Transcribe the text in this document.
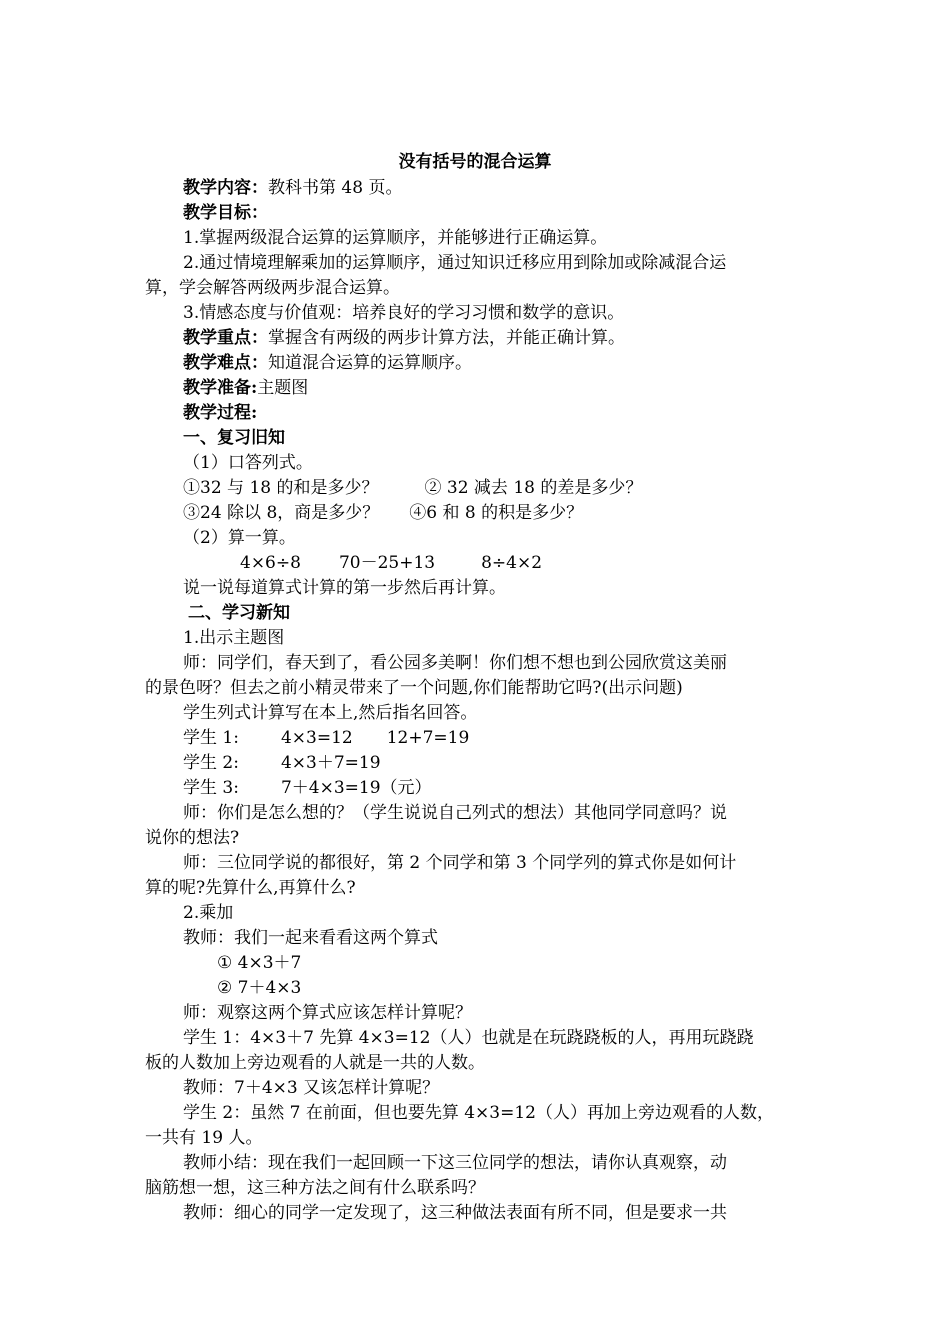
没有括号的混合运算
教学内容：教科书第 48 页。
教学目标：
1.掌握两级混合运算的运算顺序，并能够进行正确运算。
2.通过情境理解乘加的运算顺序，通过知识迁移应用到除加或除减混合运
算，学会解答两级两步混合运算。
3.情感态度与价值观：培养良好的学习习惯和数学的意识。
教学重点：掌握含有两级的两步计算方法，并能正确计算。
教学难点：知道混合运算的运算顺序。
教学准备:主题图
教学过程:
一、复习旧知
（1）口答列式。
①32 与 18 的和是多少？	② 32 减去 18 的差是多少？
③24 除以 8，商是多少？ ④6 和 8 的积是多少？
（2）算一算。
4×6÷8 70－25+13	8÷4×2
说一说每道算式计算的第一步然后再计算。
二、学习新知
1.出示主题图
师：同学们，春天到了，看公园多美啊！你们想不想也到公园欣赏这美丽
的景色呀？但去之前小精灵带来了一个问题,你们能帮助它吗?(出示问题)
学生列式计算写在本上,然后指名回答。
学生 1: 4×3=12 12+7=19
学生 2: 4×3＋7=19
学生 3: 7＋4×3=19（元）
师：你们是怎么想的？（学生说说自己列式的想法）其他同学同意吗？说
说你的想法?
师：三位同学说的都很好，第 2 个同学和第 3 个同学列的算式你是如何计
算的呢?先算什么,再算什么?
2.乘加
教师：我们一起来看看这两个算式
① 4×3＋7
② 7＋4×3
师：观察这两个算式应该怎样计算呢？
学生 1：4×3＋7 先算 4×3=12（人）也就是在玩跷跷板的人，再用玩跷跷
板的人数加上旁边观看的人就是一共的人数。
教师：7＋4×3 又该怎样计算呢？
学生 2：虽然 7 在前面，但也要先算 4×3=12（人）再加上旁边观看的人数，
一共有 19 人。
教师小结：现在我们一起回顾一下这三位同学的想法，请你认真观察，动
脑筋想一想，这三种方法之间有什么联系吗？
教师：细心的同学一定发现了，这三种做法表面有所不同，但是要求一共
